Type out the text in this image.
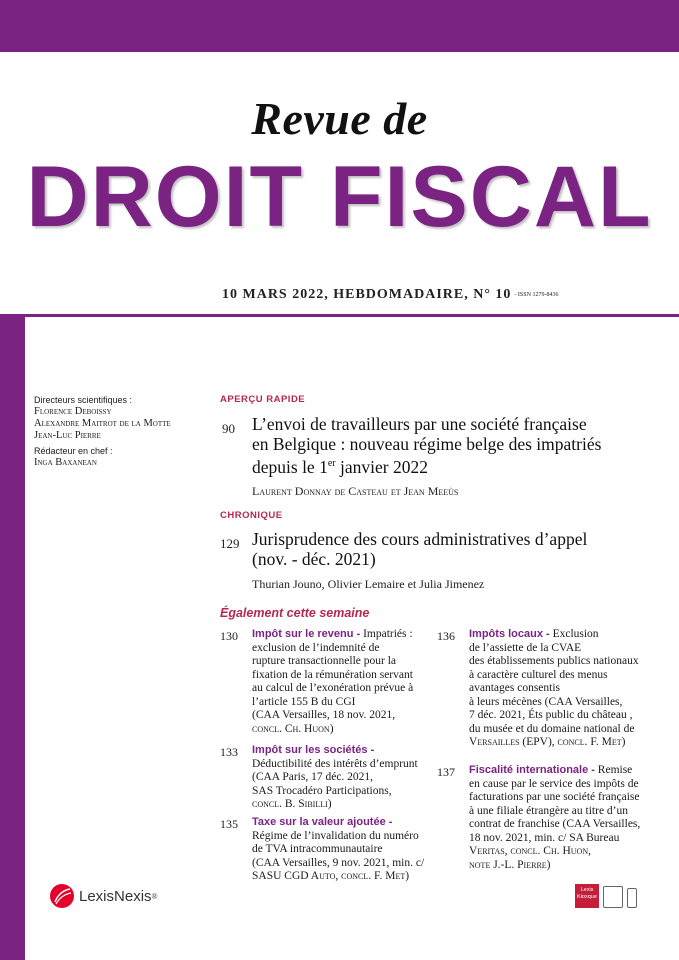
Revue de
DROIT FISCAL
10 MARS 2022, HEBDOMADAIRE, N° 10 - ISSN 1279-8436
Directeurs scientifiques :
Florence Deboissy
Alexandre Maitrot de la Motte
Jean-Luc Pierre
Rédacteur en chef :
Inga Baxanean
APERÇU RAPIDE
90 L’envoi de travailleurs par une société française
en Belgique : nouveau régime belge des impatriés
depuis le 1er janvier 2022
Laurent Donnay de Casteau et Jean Meeùs
CHRONIQUE
129 Jurisprudence des cours administratives d’appel
(nov. - déc. 2021)
Thurian Jouno, Olivier Lemaire et Julia Jimenez
Également cette semaine
130 Impôt sur le revenu - Impatriés :
exclusion de l’indemnité de
rupture transactionnelle pour la
fixation de la rémunération servant
au calcul de l’exonération prévue à
l’article 155 B du CGI
(CAA Versailles, 18 nov. 2021,
concl. Ch. Huon)
133 Impôt sur les sociétés -
Déductibilité des intérêts d’emprunt
(CAA Paris, 17 déc. 2021,
SAS Trocadéro Participations,
concl. B. Sibilli)
135 Taxe sur la valeur ajoutée -
Régime de l’invalidation du numéro
de TVA intracommunautaire
(CAA Versailles, 9 nov. 2021, min. c/
SASU CGD Auto, concl. F. Met)
136 Impôts locaux - Exclusion
de l’assiette de la CVAE
des établissements publics nationaux
à caractère culturel des menus
avantages consentis
à leurs mécènes (CAA Versailles,
7 déc. 2021, Éts public du château ,
du musée et du domaine national de
Versailles (EPV), concl. F. Met)
137 Fiscalité internationale - Remise
en cause par le service des impôts de
facturations par une société française
à une filiale étrangère au titre d’un
contrat de franchise (CAA Versailles,
18 nov. 2021, min. c/ SA Bureau
Veritas, concl. Ch. Huon,
note J.-L. Pierre)
LexisNexis ®
Lexis
Kiosque
